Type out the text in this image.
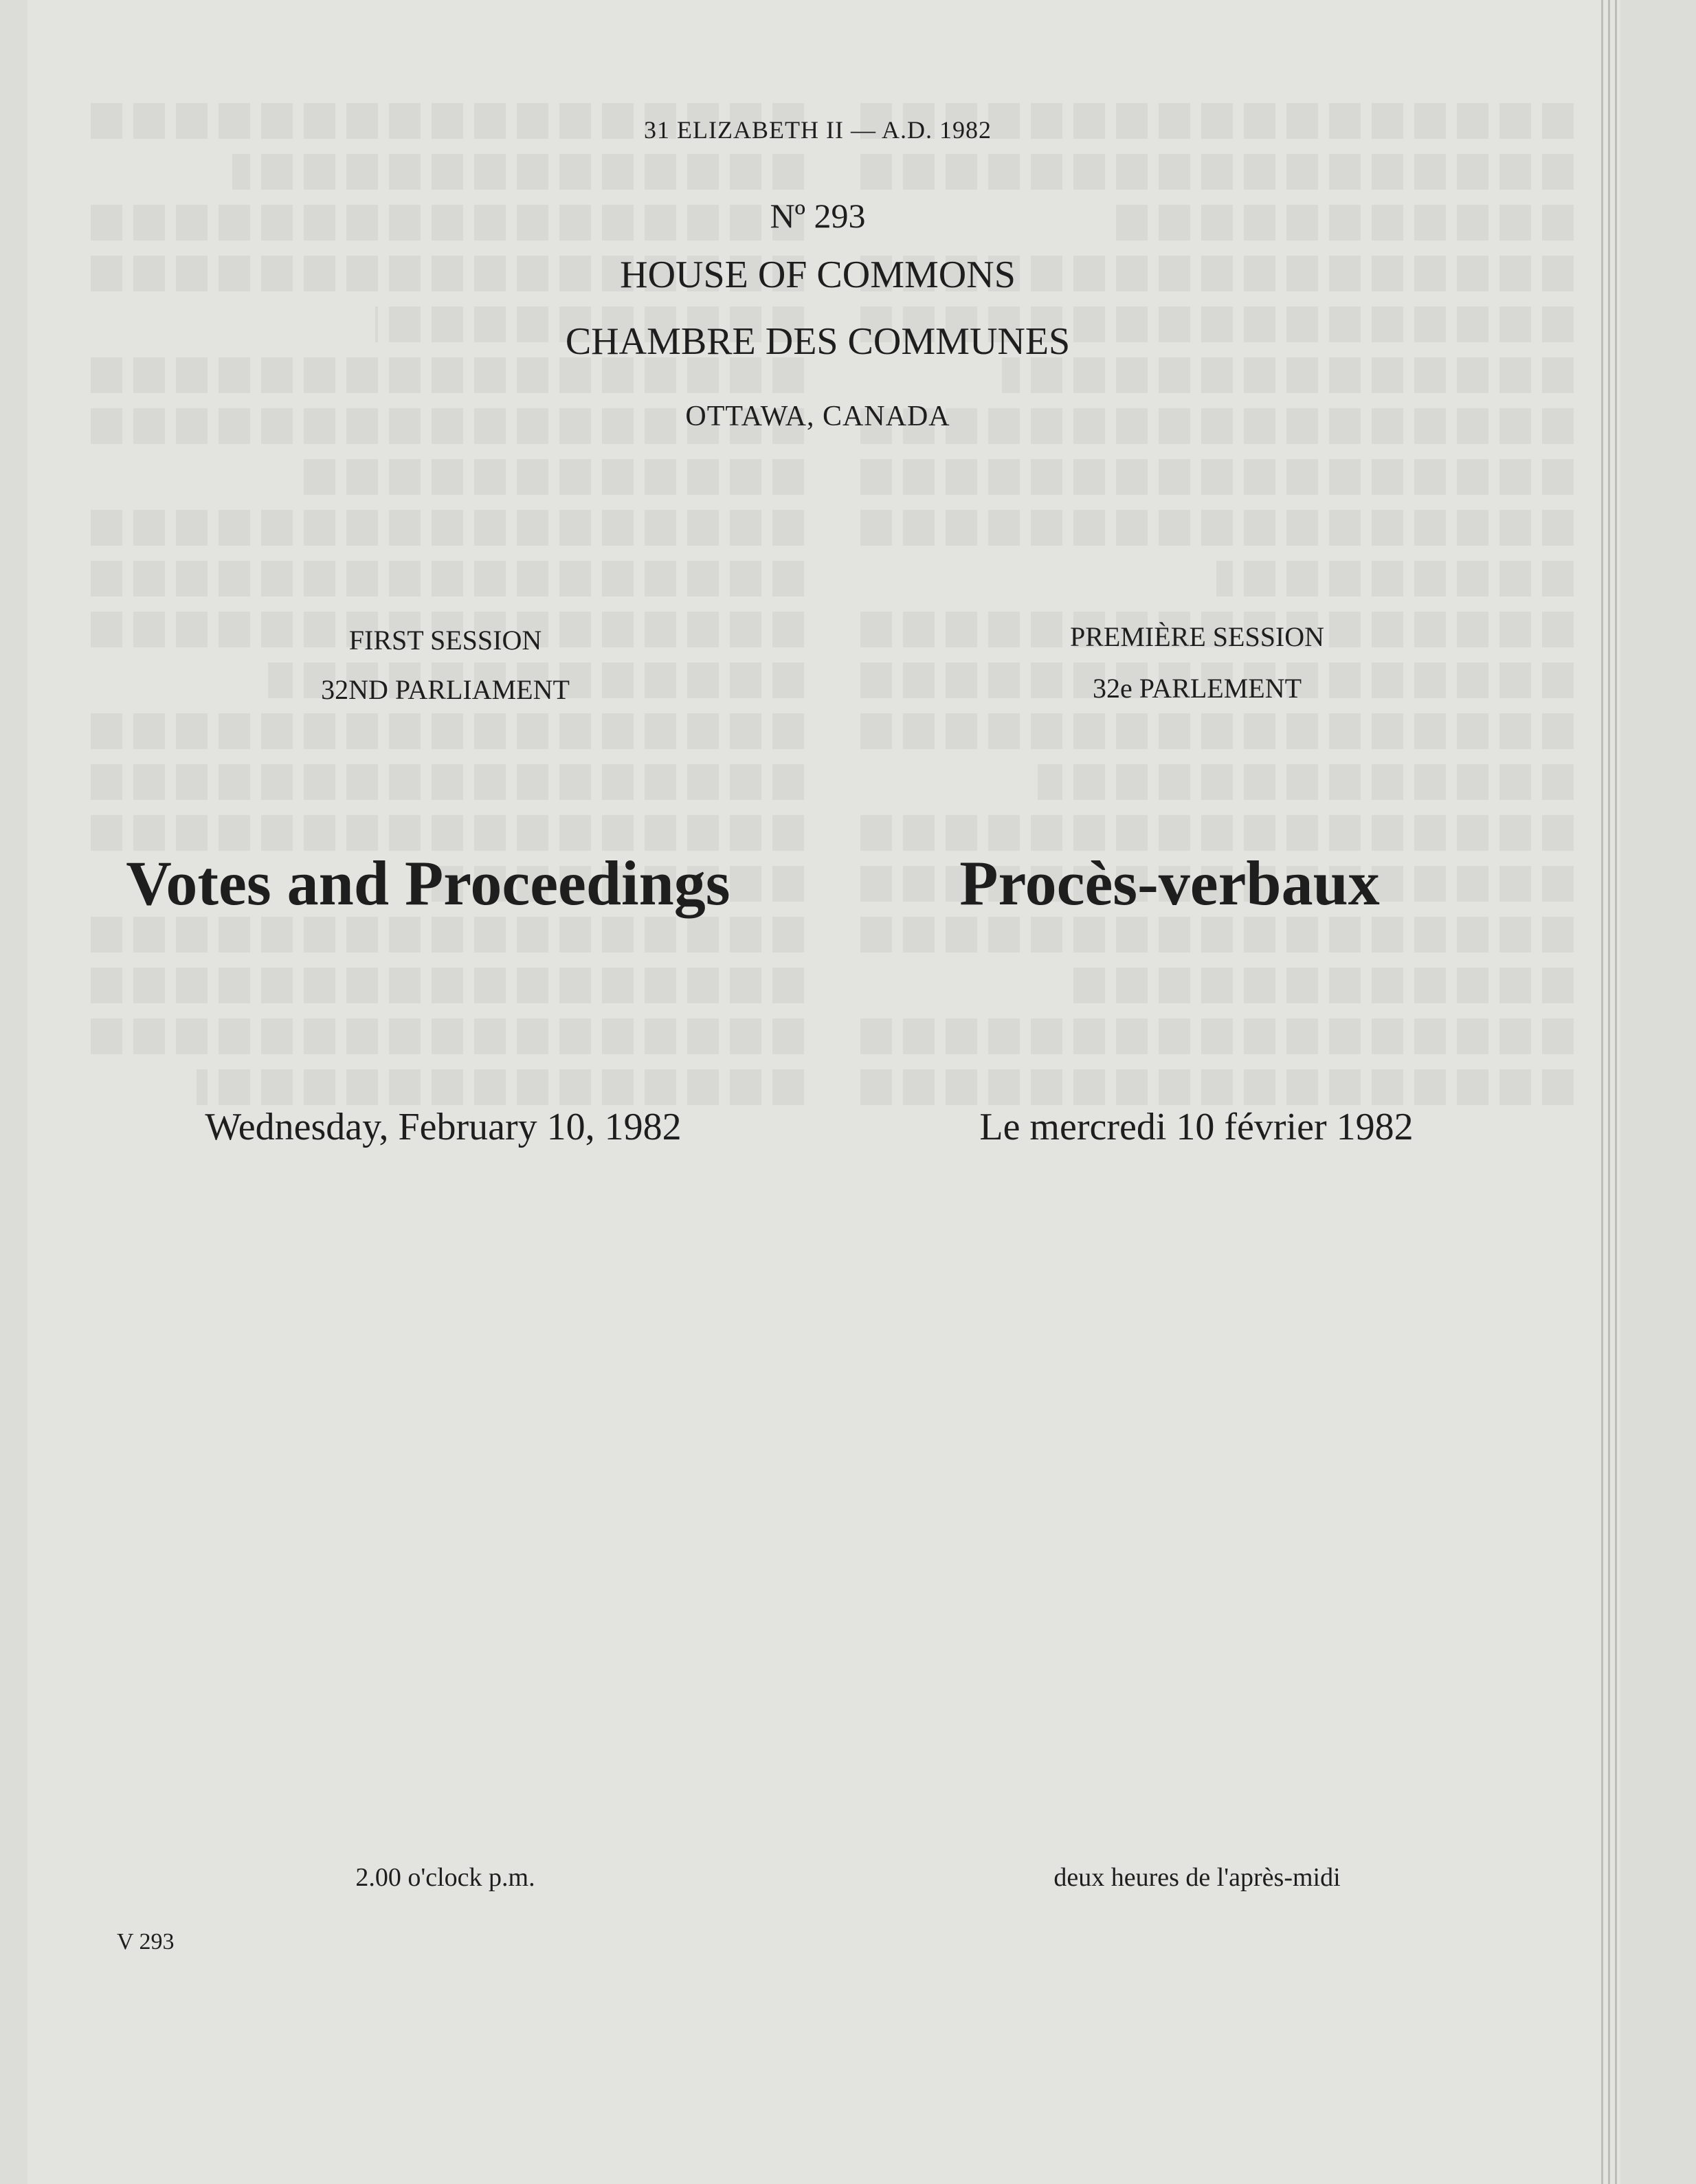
31 ELIZABETH II — A.D. 1982
Nº 293
HOUSE OF COMMONS
CHAMBRE DES COMMUNES
OTTAWA, CANADA
FIRST SESSION
32ND PARLIAMENT
PREMIÈRE SESSION
32e PARLEMENT
Votes and Proceedings	Procès-verbaux
Wednesday, February 10, 1982	Le mercredi 10 février 1982
2.00 o'clock p.m.	deux heures de l'après-midi
V 293
